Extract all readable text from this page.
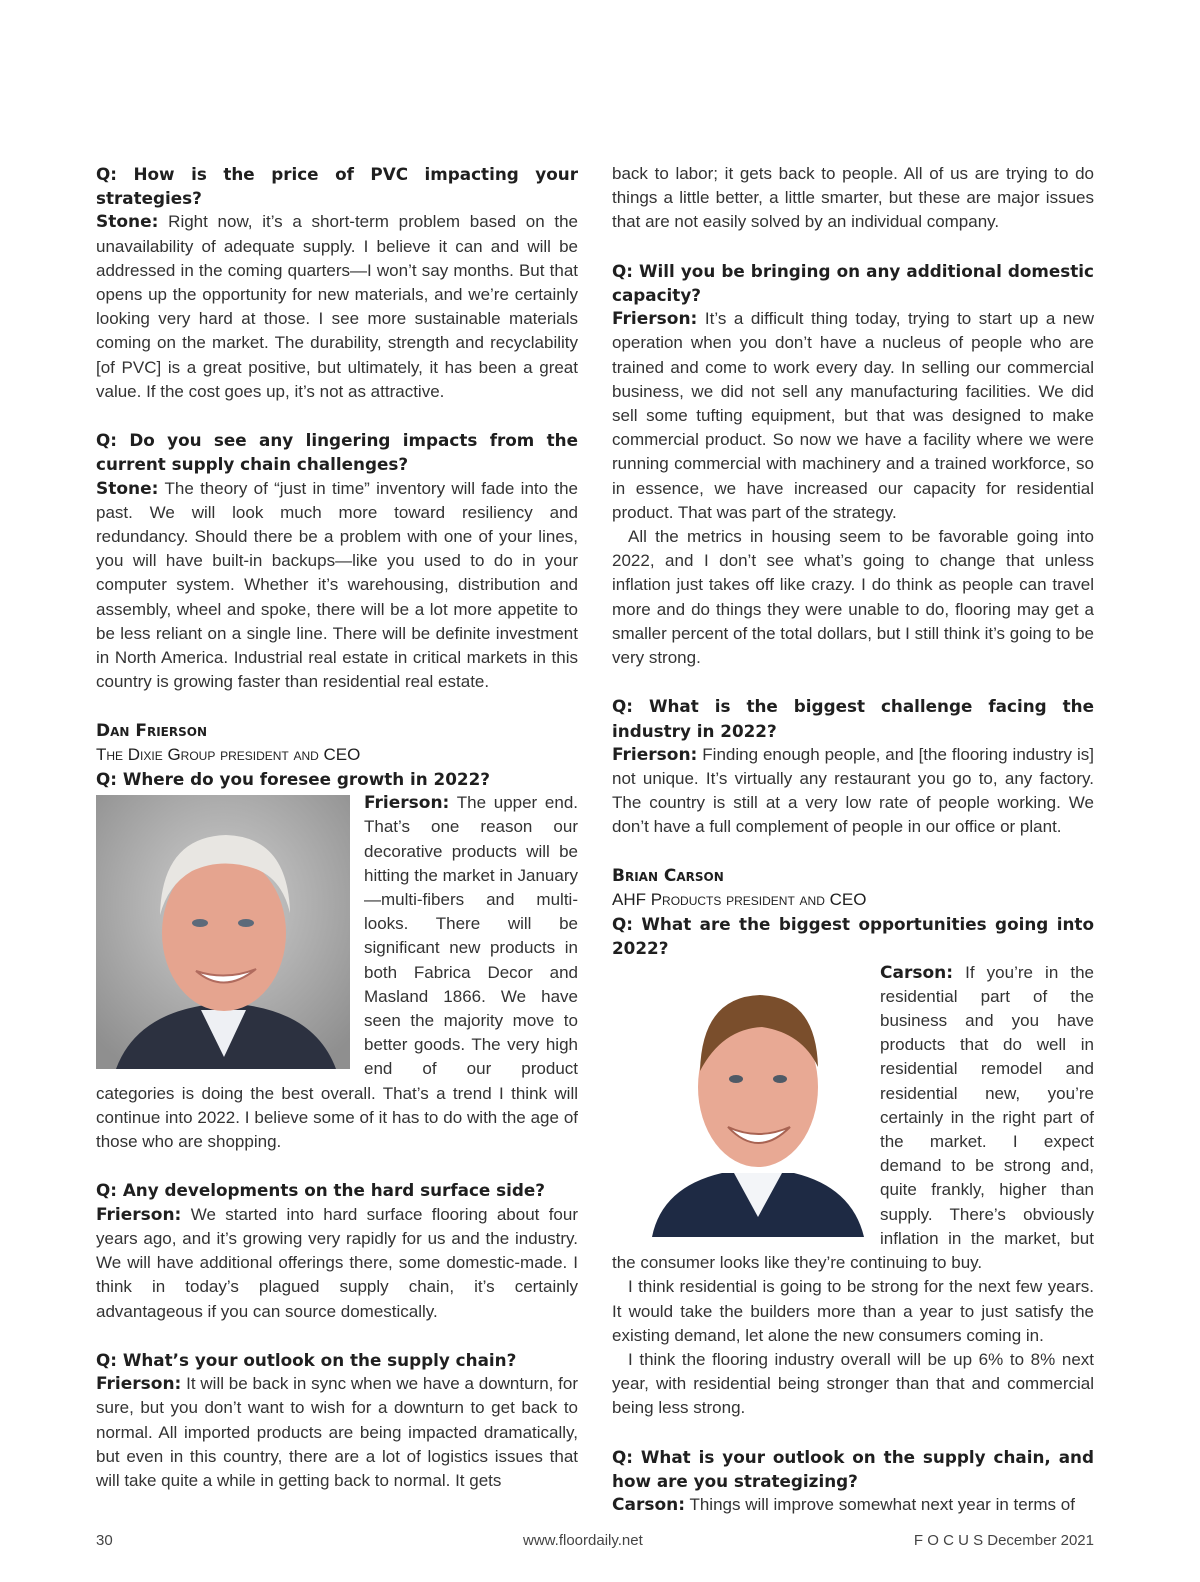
Q: How is the price of PVC impacting your strategies?

Stone: Right now, it’s a short-term problem based on the unavailability of adequate supply. I believe it can and will be addressed in the coming quarters—I won’t say months. But that opens up the opportunity for new materials, and we’re certainly looking very hard at those. I see more sustainable materials coming on the market. The durability, strength and recyclability [of PVC] is a great positive, but ultimately, it has been a great value. If the cost goes up, it’s not as attractive.

Q: Do you see any lingering impacts from the current supply chain challenges?

Stone: The theory of “just in time” inventory will fade into the past. We will look much more toward resiliency and redundancy. Should there be a problem with one of your lines, you will have built-in backups—like you used to do in your computer system. Whether it’s warehousing, distribution and assembly, wheel and spoke, there will be a lot more appetite to be less reliant on a single line. There will be definite investment in North America. Industrial real estate in critical markets in this country is growing faster than residential real estate.

Dan Frierson
The Dixie Group president and CEO

Q: Where do you foresee growth in 2022?

Frierson: The upper end. That’s one reason our decorative products will be hitting the market in January—multi-fibers and multi-looks. There will be significant new products in both Fabrica Decor and Masland 1866. We have seen the majority move to better goods. The very high end of our product categories is doing the best overall. That’s a trend I think will continue into 2022. I believe some of it has to do with the age of those who are shopping.

Q: Any developments on the hard surface side?

Frierson: We started into hard surface flooring about four years ago, and it’s growing very rapidly for us and the industry. We will have additional offerings there, some domestic-made. I think in today’s plagued supply chain, it’s certainly advantageous if you can source domestically.

Q: What’s your outlook on the supply chain?

Frierson: It will be back in sync when we have a downturn, for sure, but you don’t want to wish for a downturn to get back to normal. All imported products are being impacted dramatically, but even in this country, there are a lot of logistics issues that will take quite a while in getting back to normal. It gets

back to labor; it gets back to people. All of us are trying to do things a little better, a little smarter, but these are major issues that are not easily solved by an individual company.

Q: Will you be bringing on any additional domestic capacity?

Frierson: It’s a difficult thing today, trying to start up a new operation when you don’t have a nucleus of people who are trained and come to work every day. In selling our commercial business, we did not sell any manufacturing facilities. We did sell some tufting equipment, but that was designed to make commercial product. So now we have a facility where we were running commercial with machinery and a trained workforce, so in essence, we have increased our capacity for residential product. That was part of the strategy.

All the metrics in housing seem to be favorable going into 2022, and I don’t see what’s going to change that unless inflation just takes off like crazy. I do think as people can travel more and do things they were unable to do, flooring may get a smaller percent of the total dollars, but I still think it’s going to be very strong.

Q: What is the biggest challenge facing the industry in 2022?

Frierson: Finding enough people, and [the flooring industry is] not unique. It’s virtually any restaurant you go to, any factory. The country is still at a very low rate of people working. We don’t have a full complement of people in our office or plant.

Brian Carson
AHF Products president and CEO

Q: What are the biggest opportunities going into 2022?

Carson: If you’re in the residential part of the business and you have products that do well in residential remodel and residential new, you’re certainly in the right part of the market. I expect demand to be strong and, quite frankly, higher than supply. There’s obviously inflation in the market, but the consumer looks like they’re continuing to buy.

I think residential is going to be strong for the next few years. It would take the builders more than a year to just satisfy the existing demand, let alone the new consumers coming in.

I think the flooring industry overall will be up 6% to 8% next year, with residential being stronger than that and commercial being less strong.

Q: What is your outlook on the supply chain, and how are you strategizing?

Carson: Things will improve somewhat next year in terms of

30	www.floordaily.net	F O C U S December 2021
